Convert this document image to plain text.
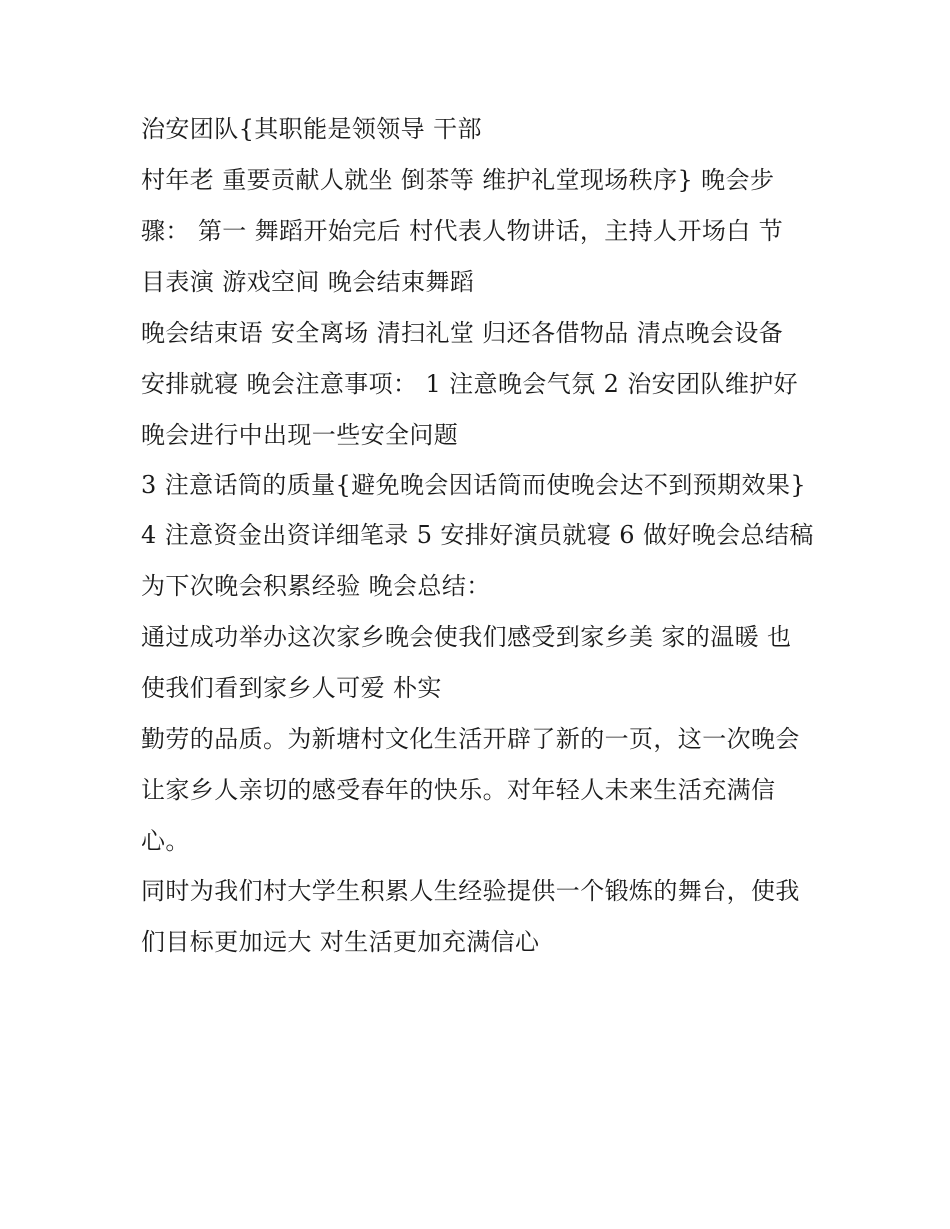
治安团队{其职能是领领导 干部

村年老 重要贡献人就坐 倒茶等 维护礼堂现场秩序} 晚会步

骤： 第一 舞蹈开始完后 村代表人物讲话，主持人开场白 节

目表演 游戏空间 晚会结束舞蹈

晚会结束语 安全离场 清扫礼堂 归还各借物品 清点晚会设备

安排就寝 晚会注意事项： 1 注意晚会气氛 2 治安团队维护好

晚会进行中出现一些安全问题

3 注意话筒的质量{避免晚会因话筒而使晚会达不到预期效果}

4 注意资金出资详细笔录 5 安排好演员就寝 6 做好晚会总结稿

为下次晚会积累经验 晚会总结：

通过成功举办这次家乡晚会使我们感受到家乡美 家的温暖 也

使我们看到家乡人可爱 朴实

勤劳的品质。为新塘村文化生活开辟了新的一页，这一次晚会

让家乡人亲切的感受春年的快乐。对年轻人未来生活充满信

心。

同时为我们村大学生积累人生经验提供一个锻炼的舞台，使我

们目标更加远大 对生活更加充满信心
